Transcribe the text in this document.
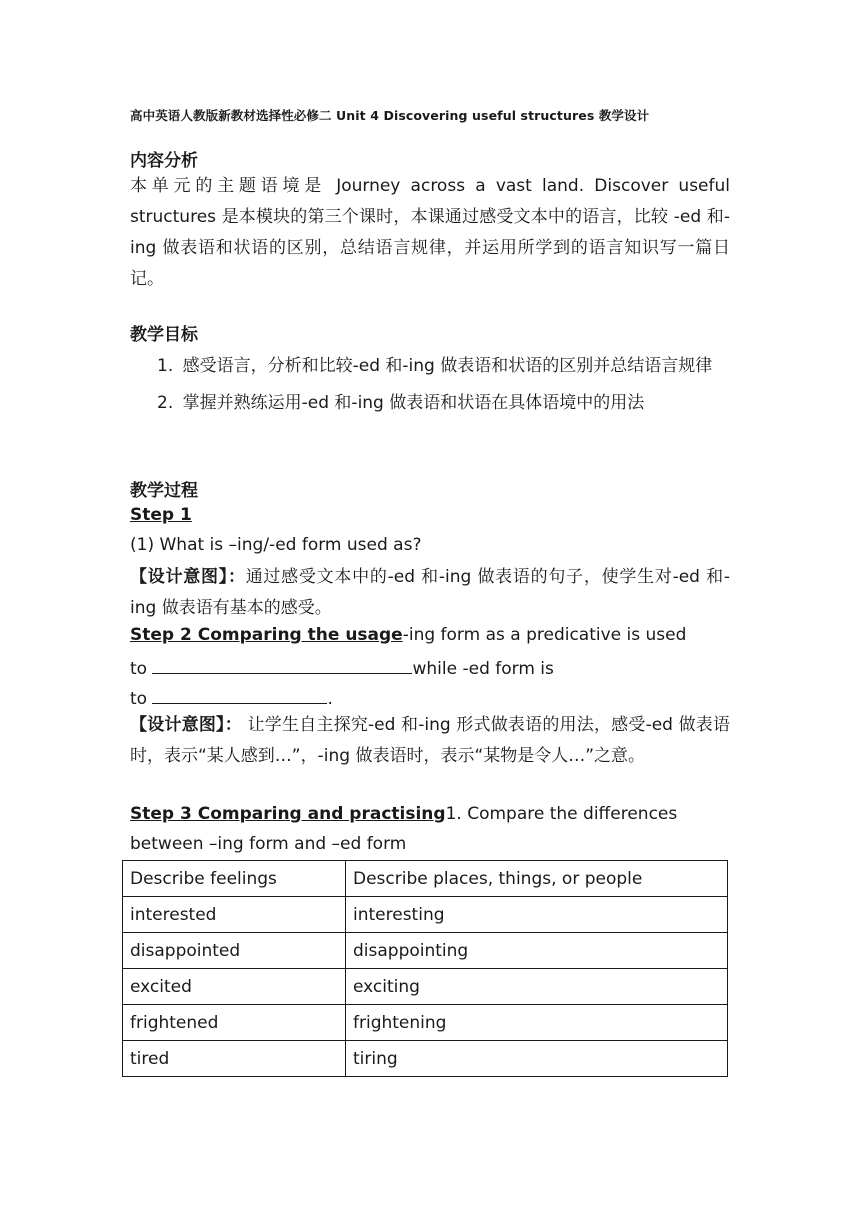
高中英语人教版新教材选择性必修二 Unit 4 Discovering useful structures 教学设计
内容分析
本单元的主题语境是 Journey across a vast land. Discover useful structures 是本模块的第三个课时，本课通过感受文本中的语言，比较 -ed 和-ing 做表语和状语的区别，总结语言规律，并运用所学到的语言知识写一篇日记。
教学目标
1. 感受语言，分析和比较-ed 和-ing 做表语和状语的区别并总结语言规律
2. 掌握并熟练运用-ed 和-ing 做表语和状语在具体语境中的用法
教学过程
Step 1
(1) What is –ing/-ed form used as?
【设计意图】：通过感受文本中的-ed 和-ing 做表语的句子，使学生对-ed 和-ing 做表语有基本的感受。
Step 2 Comparing the usage-ing form as a predicative is used
to	while -ed form is
to	.
【设计意图】： 让学生自主探究-ed 和-ing 形式做表语的用法，感受-ed 做表语时，表示“某人感到…”，-ing 做表语时，表示“某物是令人…”之意。
Step 3 Comparing and practising1. Compare the differences
between –ing form and –ed form
Describe feelings	Describe places, things, or people
interested	interesting
disappointed	disappointing
excited	exciting
frightened	frightening
tired	tiring
